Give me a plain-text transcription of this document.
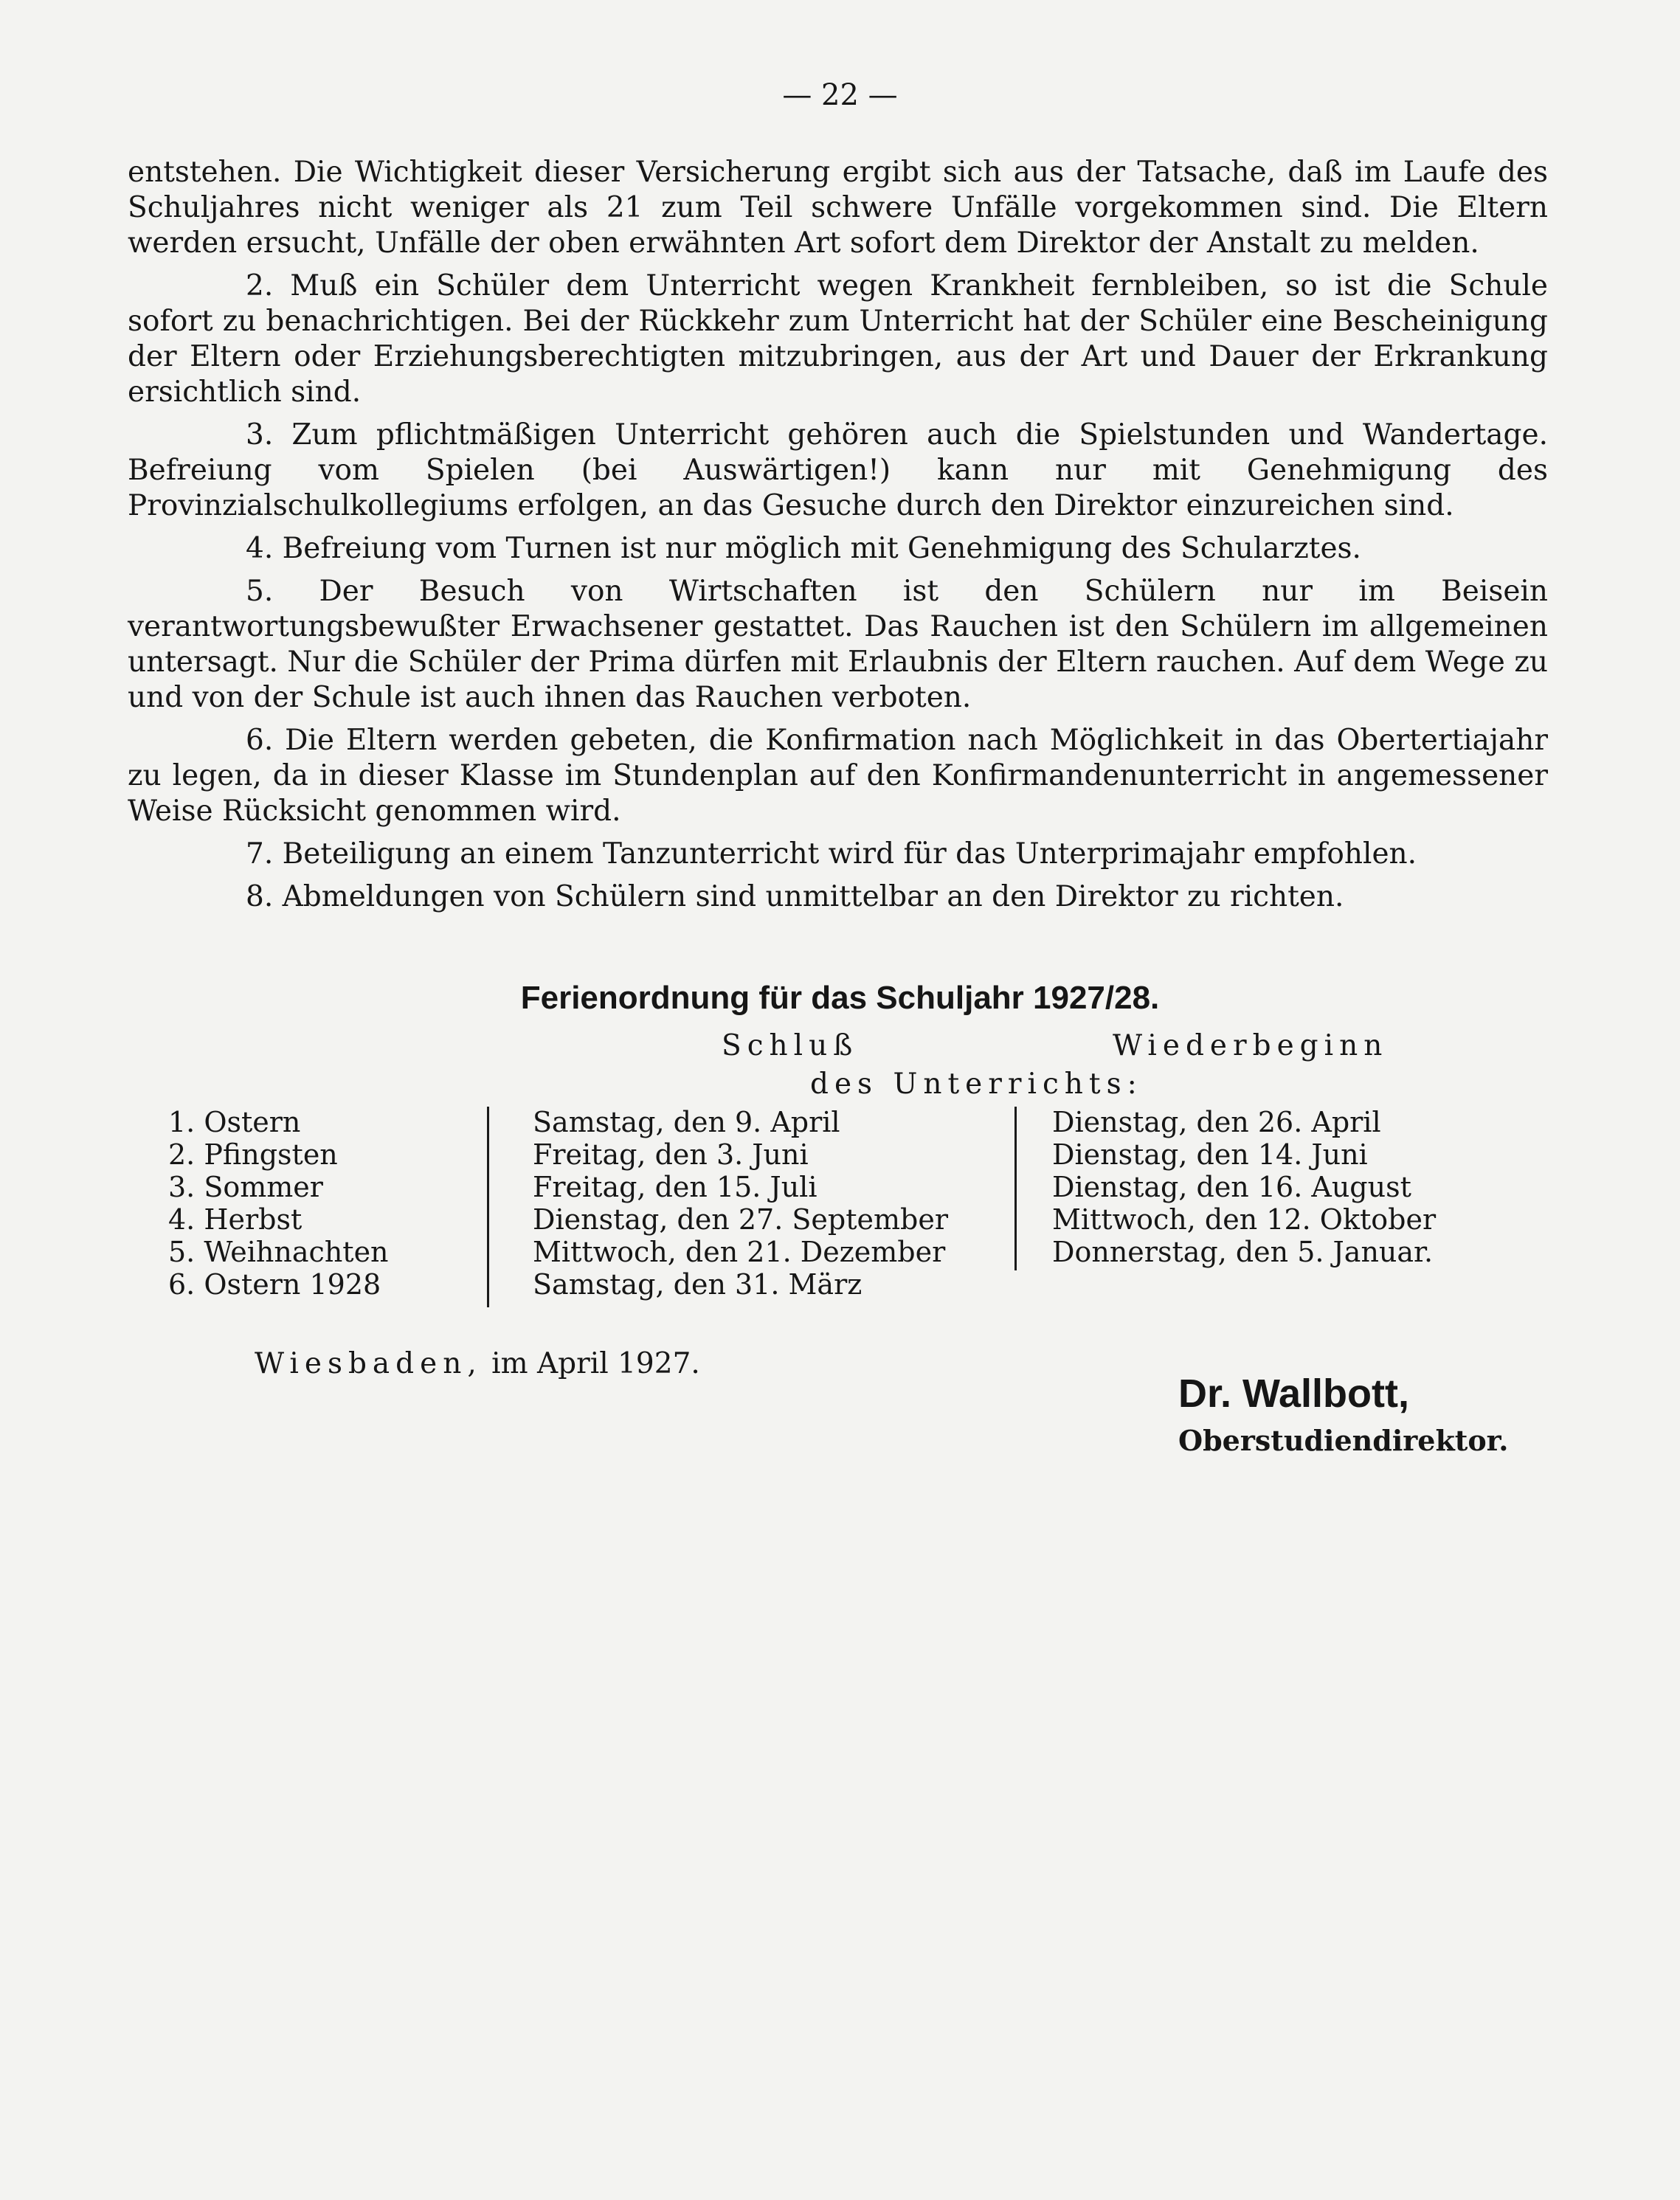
— 22 —

entstehen. Die Wichtigkeit dieser Versicherung ergibt sich aus der Tatsache, daß im Laufe des Schuljahres nicht weniger als 21 zum Teil schwere Unfälle vorgekommen sind. Die Eltern werden ersucht, Unfälle der oben erwähnten Art sofort dem Direktor der Anstalt zu melden.

2. Muß ein Schüler dem Unterricht wegen Krankheit fernbleiben, so ist die Schule sofort zu benachrichtigen. Bei der Rückkehr zum Unterricht hat der Schüler eine Bescheinigung der Eltern oder Erziehungsberechtigten mitzubringen, aus der Art und Dauer der Erkrankung ersichtlich sind.

3. Zum pflichtmäßigen Unterricht gehören auch die Spielstunden und Wandertage. Befreiung vom Spielen (bei Auswärtigen!) kann nur mit Genehmigung des Provinzialschulkollegiums erfolgen, an das Gesuche durch den Direktor einzureichen sind.

4. Befreiung vom Turnen ist nur möglich mit Genehmigung des Schularztes.

5. Der Besuch von Wirtschaften ist den Schülern nur im Beisein verantwortungsbewußter Erwachsener gestattet. Das Rauchen ist den Schülern im allgemeinen untersagt. Nur die Schüler der Prima dürfen mit Erlaubnis der Eltern rauchen. Auf dem Wege zu und von der Schule ist auch ihnen das Rauchen verboten.

6. Die Eltern werden gebeten, die Konfirmation nach Möglichkeit in das Obertertiajahr zu legen, da in dieser Klasse im Stundenplan auf den Konfirmandenunterricht in angemessener Weise Rücksicht genommen wird.

7. Beteiligung an einem Tanzunterricht wird für das Unterprimajahr empfohlen.

8. Abmeldungen von Schülern sind unmittelbar an den Direktor zu richten.

Ferienordnung für das Schuljahr 1927/28.
Schluß	Wiederbeginn
des Unterrichts:
1. Ostern	Samstag, den 9. April	Dienstag, den 26. April
2. Pfingsten	Freitag, den 3. Juni	Dienstag, den 14. Juni
3. Sommer	Freitag, den 15. Juli	Dienstag, den 16. August
4. Herbst	Dienstag, den 27. September	Mittwoch, den 12. Oktober
5. Weihnachten	Mittwoch, den 21. Dezember	Donnerstag, den 5. Januar.
6. Ostern 1928	Samstag, den 31. März
Wiesbaden, im April 1927.
Dr. Wallbott,
Oberstudiendirektor.
